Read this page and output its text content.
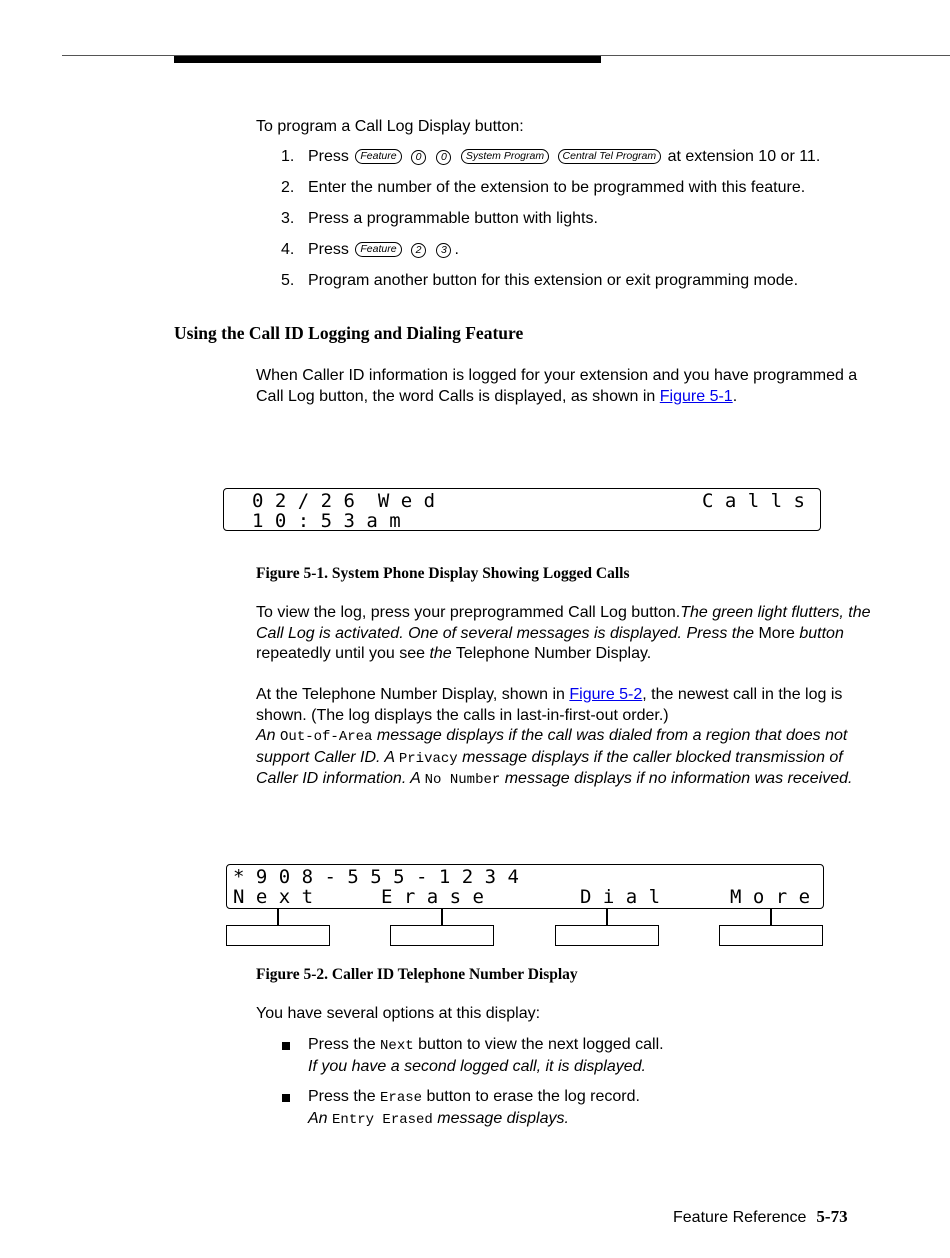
To program a Call Log Display button:
1. Press Feature 0 0 System Program Central Tel Program at extension 10 or 11.
2. Enter the number of the extension to be programmed with this feature.
3. Press a programmable button with lights.
4. Press Feature 2 3 .
5. Program another button for this extension or exit programming mode.
Using the Call ID Logging and Dialing Feature
When Caller ID information is logged for your extension and you have programmed a Call Log button, the word Calls is displayed, as shown in Figure 5-1.
0 2 / 2 6  W e d	C a l l s
1 0 : 5 3 a m
Figure 5-1. System Phone Display Showing Logged Calls
To view the log, press your preprogrammed Call Log button.The green light flutters, the Call Log is activated. One of several messages is displayed. Press the More button repeatedly until you see the Telephone Number Display.
At the Telephone Number Display, shown in Figure 5-2, the newest call in the log is shown. (The log displays the calls in last-in-first-out order.)
An Out-of-Area message displays if the call was dialed from a region that does not support Caller ID. A Privacy message displays if the caller blocked transmission of Caller ID information. A No Number message displays if no information was received.
* 9 0 8 - 5 5 5 - 1 2 3 4
N e x t	E r a s e	D i a l	M o r e
Figure 5-2. Caller ID Telephone Number Display
You have several options at this display:
Press the Next button to view the next logged call.
If you have a second logged call, it is displayed.
Press the Erase button to erase the log record.
An Entry Erased message displays.
Feature Reference 5-73
